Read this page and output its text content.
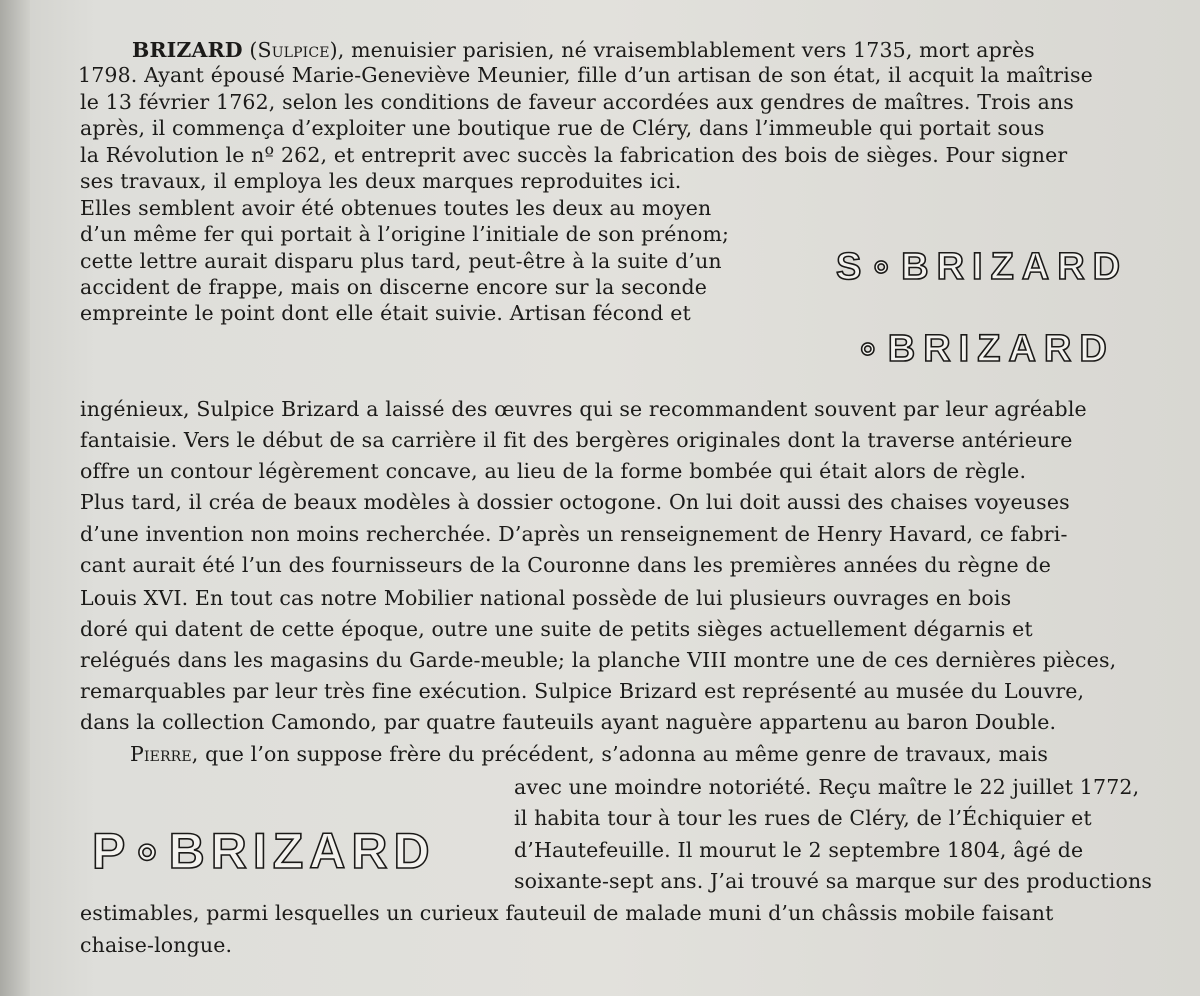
BRIZARD (Sulpice), menuisier parisien, né vraisemblablement vers 1735, mort après
1798. Ayant épousé Marie-Geneviève Meunier, fille d’un artisan de son état, il acquit la maîtrise
le 13 février 1762, selon les conditions de faveur accordées aux gendres de maîtres. Trois ans
après, il commença d’exploiter une boutique rue de Cléry, dans l’immeuble qui portait sous
la Révolution le nº 262, et entreprit avec succès la fabrication des bois de sièges. Pour signer
ses travaux, il employa les deux marques reproduites ici.
Elles semblent avoir été obtenues toutes les deux au moyen
d’un même fer qui portait à l’origine l’initiale de son prénom;
cette lettre aurait disparu plus tard, peut-être à la suite d’un
accident de frappe, mais on discerne encore sur la seconde
empreinte le point dont elle était suivie. Artisan fécond et
ingénieux, Sulpice Brizard a laissé des œuvres qui se recommandent souvent par leur agréable
fantaisie. Vers le début de sa carrière il fit des bergères originales dont la traverse antérieure
offre un contour légèrement concave, au lieu de la forme bombée qui était alors de règle.
Plus tard, il créa de beaux modèles à dossier octogone. On lui doit aussi des chaises voyeuses
d’une invention non moins recherchée. D’après un renseignement de Henry Havard, ce fabri-
cant aurait été l’un des fournisseurs de la Couronne dans les premières années du règne de
Louis XVI. En tout cas notre Mobilier national possède de lui plusieurs ouvrages en bois
doré qui datent de cette époque, outre une suite de petits sièges actuellement dégarnis et
relégués dans les magasins du Garde-meuble; la planche VIII montre une de ces dernières pièces,
remarquables par leur très fine exécution. Sulpice Brizard est représenté au musée du Louvre,
dans la collection Camondo, par quatre fauteuils ayant naguère appartenu au baron Double.
Pierre, que l’on suppose frère du précédent, s’adonna au même genre de travaux, mais
avec une moindre notoriété. Reçu maître le 22 juillet 1772,
il habita tour à tour les rues de Cléry, de l’Échiquier et
d’Hautefeuille. Il mourut le 2 septembre 1804, âgé de
soixante-sept ans. J’ai trouvé sa marque sur des productions
estimables, parmi lesquelles un curieux fauteuil de malade muni d’un châssis mobile faisant
chaise-longue.
S∘BRIZARD
∘BRIZARD
P∘BRIZARD
